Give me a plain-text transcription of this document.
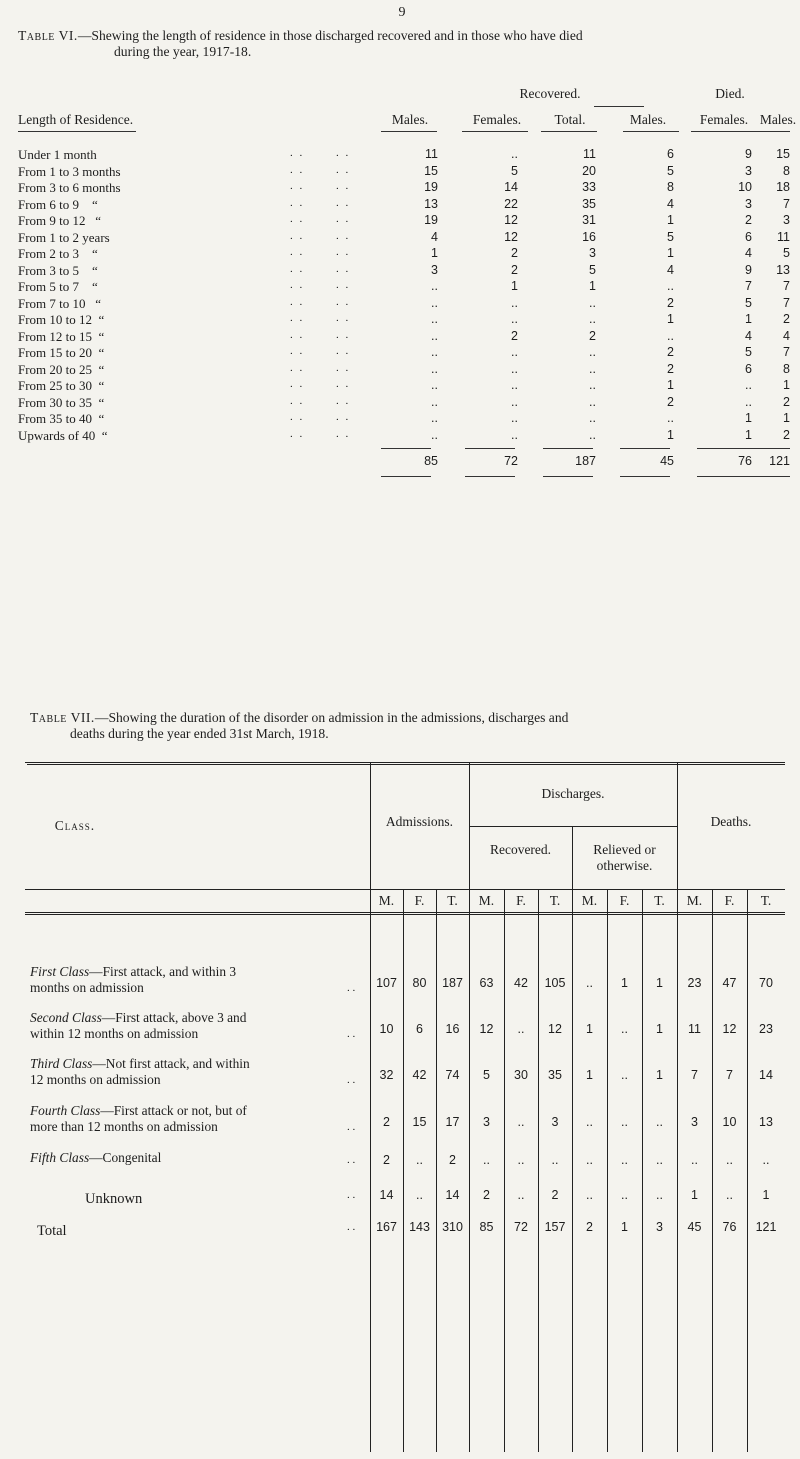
9
Table VI.—Shewing the length of residence in those discharged recovered and in those who have died
during the year, 1917-18.
Recovered.	Died.
Length of Residence.	Males.	Females.	Total.	Males.	Females. Males.
Under 1 month	. .	. .	11	..	11	6	9	15
From 1 to 3 months	. .	. .	15	5	20	5	3	8
From 3 to 6 months	. .	. .	19	14	33	8	10	18
From 6 to 9    “	. .	. .	13	22	35	4	3	7
From 9 to 12   “	. .	. .	19	12	31	1	2	3
From 1 to 2 years	. .	. .	4	12	16	5	6	11
From 2 to 3    “	. .	. .	1	2	3	1	4	5
From 3 to 5    “	. .	. .	3	2	5	4	9	13
From 5 to 7    “	. .	. .	..	1	1	..	7	7
From 7 to 10   “	. .	. .	..	..	..	2	5	7
From 10 to 12  “	. .	. .	..	..	..	1	1	2
From 12 to 15  “	. .	. .	..	2	2	..	4	4
From 15 to 20  “	. .	. .	..	..	..	2	5	7
From 20 to 25  “	. .	. .	..	..	..	2	6	8
From 25 to 30  “	. .	. .	..	..	..	1	..	1
From 30 to 35  “	. .	. .	..	..	..	2	..	2
From 35 to 40  “	. .	. .	..	..	..	..	1	1
Upwards of 40  “	. .	. .	..	..	..	1	1	2
85	72	187	45	76	121
Table VII.—Showing the duration of the disorder on admission in the admissions, discharges and
deaths during the year ended 31st March, 1918.
Class.	Admissions.
Discharges.
Recovered.	Relieved or
otherwise.
Deaths.
M.	F.	T.	M.	F.	T.	M.	F.	T.	M.	F.	T.
First Class—First attack, and within 3
months on admission	. .	107	80	187	63	42	105	..	1	1	23	47	70
Second Class—First attack, above 3 and
within 12 months on admission	. .	10	6	16	12	..	12	1	..	1	11	12	23
Third Class—Not first attack, and within
12 months on admission	. .	32	42	74	5	30	35	1	..	1	7	7	14
Fourth Class—First attack or not, but of
more than 12 months on admission	. .	2	15	17	3	..	3	..	..	..	3	10	13
Fifth Class—Congenital	. .	2	..	2	..	..	..	..	..	..	..	..	..
Unknown	. .	14	..	14	2	..	2	..	..	..	1	..	1
Total	. .	167 143 310	85	72	157	2	1	3	45	76	121
